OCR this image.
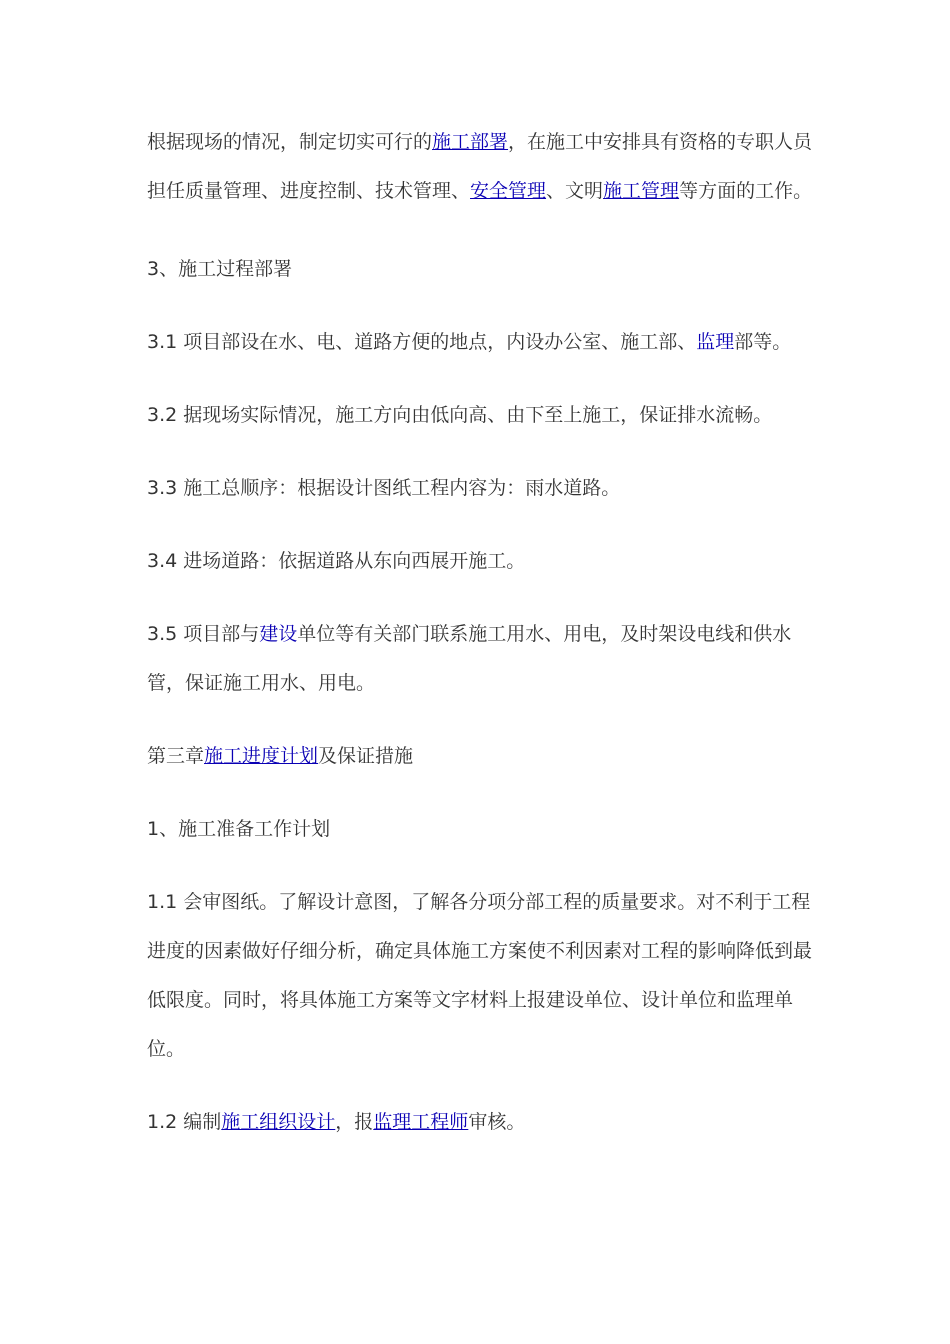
根据现场的情况，制定切实可行的施工部署，在施工中安排具有资格的专职人员担任质量管理、进度控制、技术管理、安全管理、文明施工管理等方面的工作。

3、施工过程部署

3.1 项目部设在水、电、道路方便的地点，内设办公室、施工部、监理部等。

3.2 据现场实际情况，施工方向由低向高、由下至上施工，保证排水流畅。

3.3 施工总顺序：根据设计图纸工程内容为：雨水道路。

3.4 进场道路：依据道路从东向西展开施工。

3.5 项目部与建设单位等有关部门联系施工用水、用电，及时架设电线和供水管，保证施工用水、用电。

第三章施工进度计划及保证措施

1、施工准备工作计划

1.1 会审图纸。了解设计意图，了解各分项分部工程的质量要求。对不利于工程进度的因素做好仔细分析，确定具体施工方案使不利因素对工程的影响降低到最低限度。同时，将具体施工方案等文字材料上报建设单位、设计单位和监理单位。

1.2 编制施工组织设计，报监理工程师审核。
